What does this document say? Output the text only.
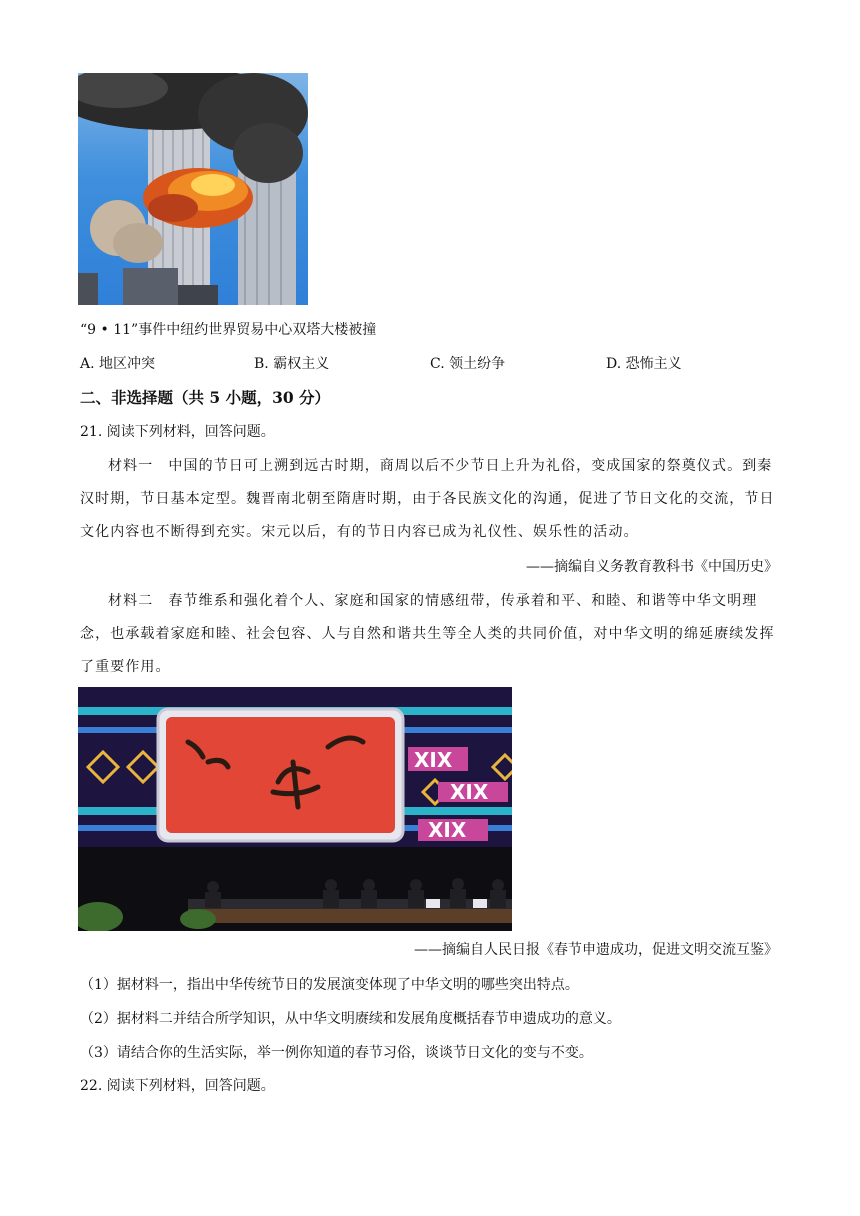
“9 • 11”事件中纽约世界贸易中心双塔大楼被撞
A. 地区冲突	B. 霸权主义	C. 领土纷争	D. 恐怖主义
二、非选择题（共 5 小题，30 分）
21. 阅读下列材料，回答问题。
材料一　中国的节日可上溯到远古时期，商周以后不少节日上升为礼俗，变成国家的祭奠仪式。到秦汉时期，节日基本定型。魏晋南北朝至隋唐时期，由于各民族文化的沟通，促进了节日文化的交流，节日文化内容也不断得到充实。宋元以后，有的节日内容已成为礼仪性、娱乐性的活动。
——摘编自义务教育教科书《中国历史》
材料二　春节维系和强化着个人、家庭和国家的情感纽带，传承着和平、和睦、和谐等中华文明理念，也承载着家庭和睦、社会包容、人与自然和谐共生等全人类的共同价值，对中华文明的绵延赓续发挥了重要作用。
XIX
XIX
XIX
——摘编自人民日报《春节申遗成功，促进文明交流互鉴》
（1）据材料一，指出中华传统节日的发展演变体现了中华文明的哪些突出特点。
（2）据材料二并结合所学知识，从中华文明赓续和发展角度概括春节申遗成功的意义。
（3）请结合你的生活实际，举一例你知道的春节习俗，谈谈节日文化的变与不变。
22. 阅读下列材料，回答问题。
